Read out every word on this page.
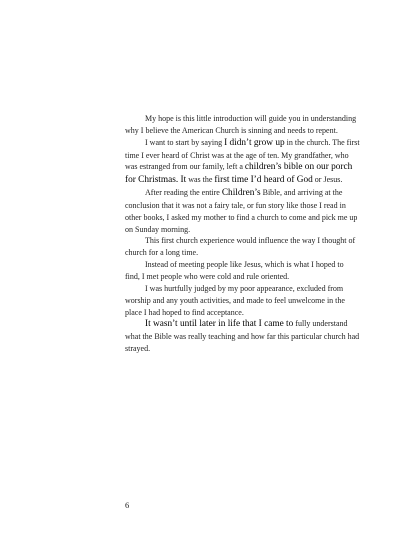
My hope is this little introduction will guide you in understanding why I believe the American Church is sinning and needs to repent.

I want to start by saying I didn’t grow up in the church. The first time I ever heard of Christ was at the age of ten. My grandfather, who was estranged from our family, left a children’s bible on our porch for Christmas. It was the first time I’d heard of God or Jesus.

After reading the entire Children’s Bible, and arriving at the conclusion that it was not a fairy tale, or fun story like those I read in other books, I asked my mother to find a church to come and pick me up on Sunday morning.

This first church experience would influence the way I thought of church for a long time.

Instead of meeting people like Jesus, which is what I hoped to find, I met people who were cold and rule oriented.

I was hurtfully judged by my poor appearance, excluded from worship and any youth activities, and made to feel unwelcome in the place I had hoped to find acceptance.

It wasn’t until later in life that I came to fully understand what the Bible was really teaching and how far this particular church had strayed.

6
